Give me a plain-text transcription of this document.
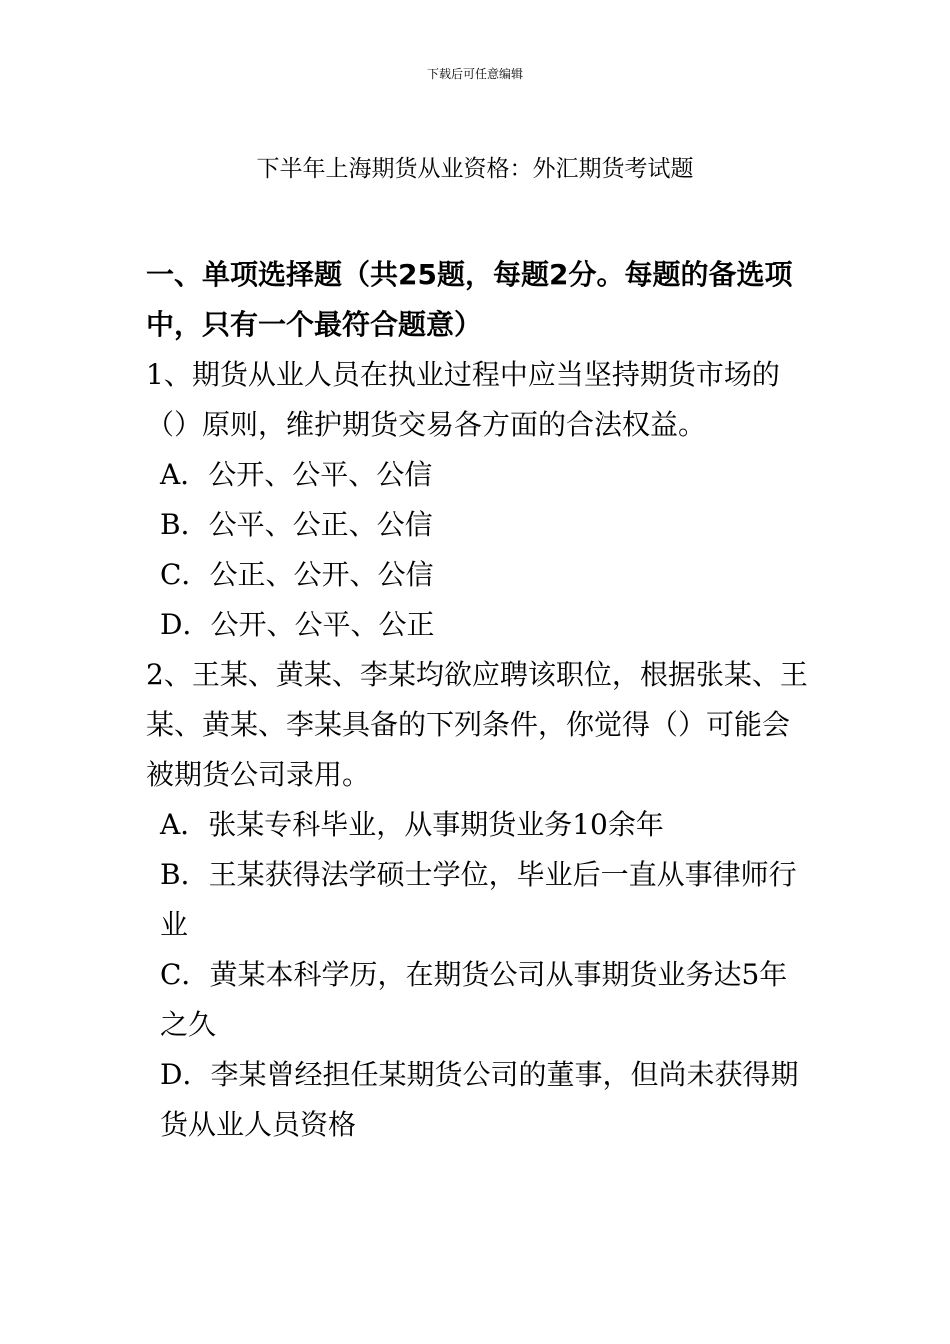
下载后可任意编辑
下半年上海期货从业资格：外汇期货考试题

一、单项选择题（共25题，每题2分。每题的备选项中，只有一个最符合题意）

1、期货从业人员在执业过程中应当坚持期货市场的（）原则，维护期货交易各方面的合法权益。

A．公开、公平、公信

B．公平、公正、公信

C．公正、公开、公信

D．公开、公平、公正

2、王某、黄某、李某均欲应聘该职位，根据张某、王某、黄某、李某具备的下列条件，你觉得（）可能会被期货公司录用。

A．张某专科毕业，从事期货业务10余年

B．王某获得法学硕士学位，毕业后一直从事律师行业

C．黄某本科学历，在期货公司从事期货业务达5年之久

D．李某曾经担任某期货公司的董事，但尚未获得期货从业人员资格
